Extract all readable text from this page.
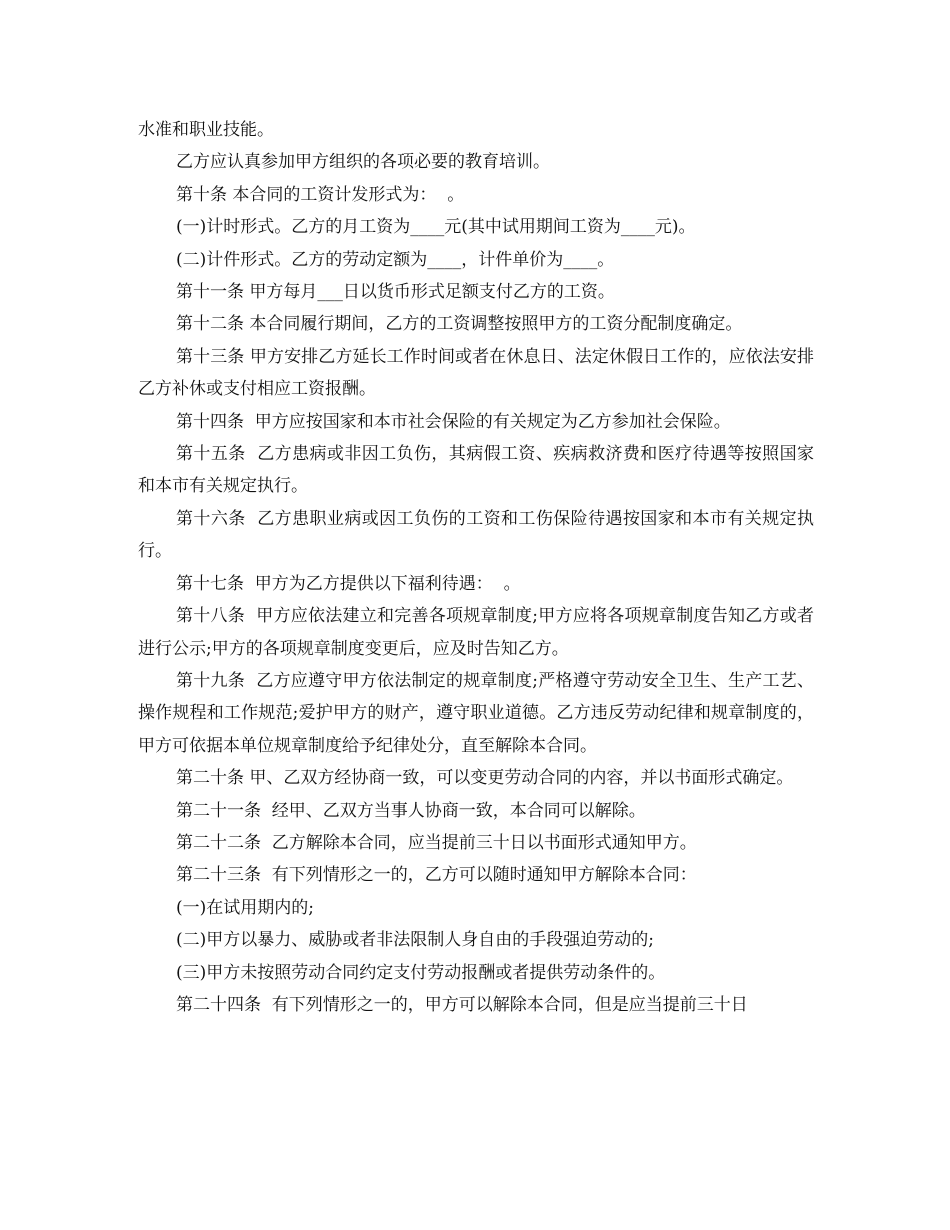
水准和职业技能。

乙方应认真参加甲方组织的各项必要的教育培训。

第十条 本合同的工资计发形式为：  。

(一)计时形式。乙方的月工资为____元(其中试用期间工资为____元)。

(二)计件形式。乙方的劳动定额为____，计件单价为____。

第十一条 甲方每月___日以货币形式足额支付乙方的工资。

第十二条 本合同履行期间，乙方的工资调整按照甲方的工资分配制度确定。

第十三条 甲方安排乙方延长工作时间或者在休息日、法定休假日工作的，应依法安排乙方补休或支付相应工资报酬。

第十四条  甲方应按国家和本市社会保险的有关规定为乙方参加社会保险。

第十五条  乙方患病或非因工负伤，其病假工资、疾病救济费和医疗待遇等按照国家和本市有关规定执行。

第十六条  乙方患职业病或因工负伤的工资和工伤保险待遇按国家和本市有关规定执行。

第十七条  甲方为乙方提供以下福利待遇：  。

第十八条  甲方应依法建立和完善各项规章制度;甲方应将各项规章制度告知乙方或者进行公示;甲方的各项规章制度变更后，应及时告知乙方。

第十九条  乙方应遵守甲方依法制定的规章制度;严格遵守劳动安全卫生、生产工艺、操作规程和工作规范;爱护甲方的财产，遵守职业道德。乙方违反劳动纪律和规章制度的，甲方可依据本单位规章制度给予纪律处分，直至解除本合同。

第二十条 甲、乙双方经协商一致，可以变更劳动合同的内容，并以书面形式确定。

第二十一条  经甲、乙双方当事人协商一致，本合同可以解除。

第二十二条  乙方解除本合同，应当提前三十日以书面形式通知甲方。

第二十三条  有下列情形之一的，乙方可以随时通知甲方解除本合同：

(一)在试用期内的;

(二)甲方以暴力、威胁或者非法限制人身自由的手段强迫劳动的;

(三)甲方未按照劳动合同约定支付劳动报酬或者提供劳动条件的。

第二十四条  有下列情形之一的，甲方可以解除本合同，但是应当提前三十日
